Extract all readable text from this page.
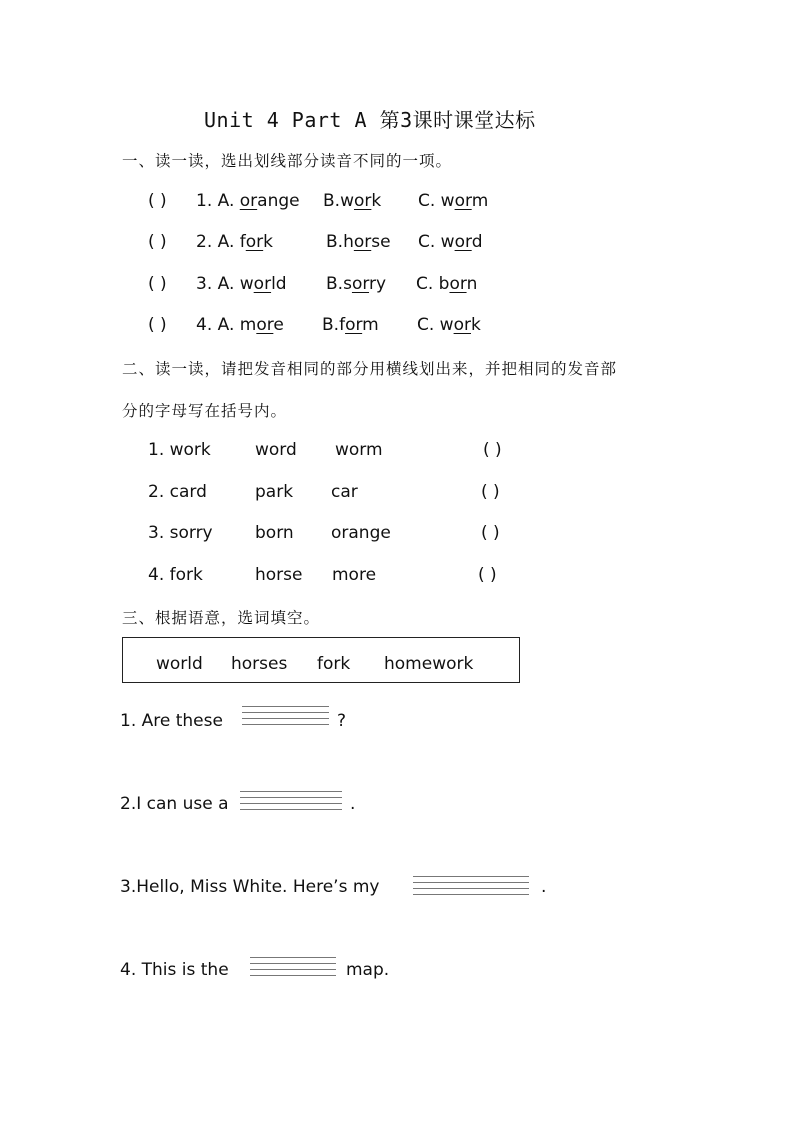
Unit 4 Part A 第3课时课堂达标
一、读一读，选出划线部分读音不同的一项。
( ) 1. A. orange B.work C. worm
( ) 2. A. fork	B.horse C. word
( ) 3. A. world B.sorry C. born
( ) 4. A. more B.form C. work
二、读一读，请把发音相同的部分用横线划出来，并把相同的发音部
分的字母写在括号内。
1. work	word worm	( )
2. card	park car	( )
3. sorry born orange	( )
4. fork	horse more	( )
三、根据语意，选词填空。
world horses fork homework
1. Are these	?
2.I can use a	.
3.Hello, Miss White. Here’s my	.
4. This is the	map.
